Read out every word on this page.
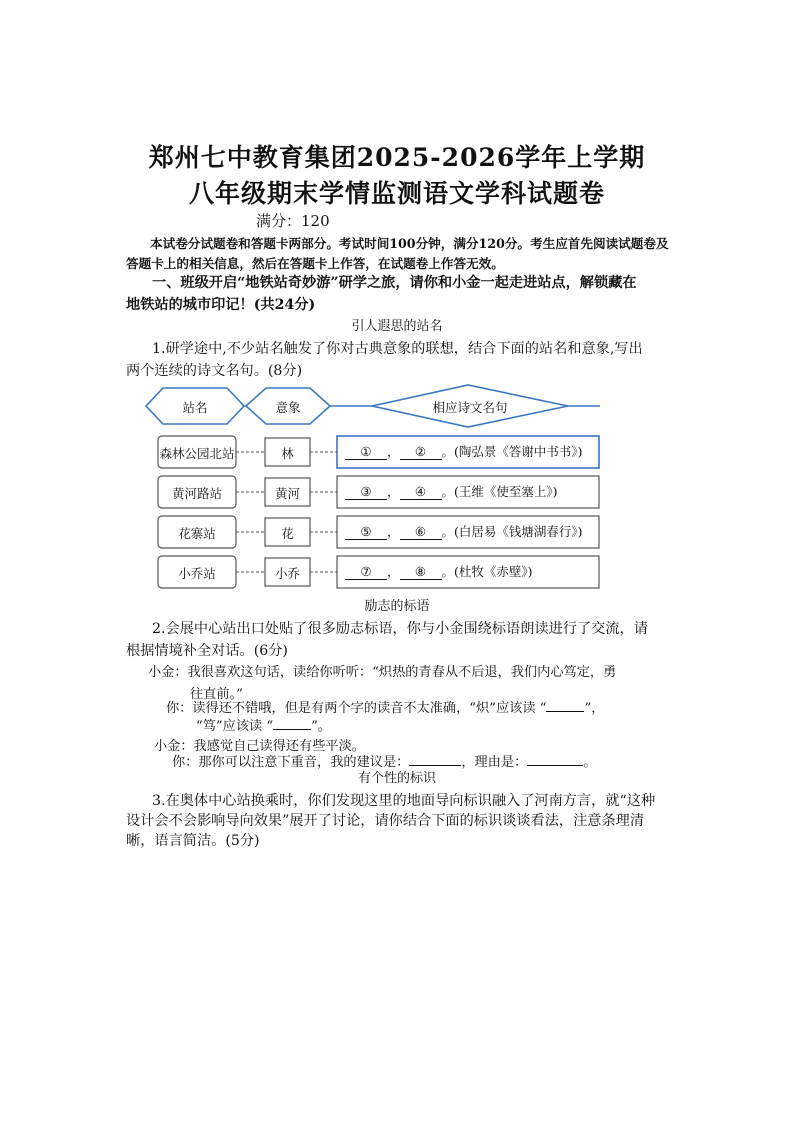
郑州七中教育集团2025-2026学年上学期
八年级期末学情监测语文学科试题卷
满分：120
本试卷分试题卷和答题卡两部分。考试时间100分钟，满分120分。考生应首先阅读试题卷及
答题卡上的相关信息，然后在答题卡上作答，在试题卷上作答无效。
一、班级开启“地铁站奇妙游”研学之旅，请你和小金一起走进站点，解锁藏在
地铁站的城市印记！(共24分)
引人遐思的站名
1.研学途中,不少站名触发了你对古典意象的联想，结合下面的站名和意象,写出
两个连续的诗文名句。(8分)
站名	意象	相应诗文名句
森林公园北站	林	① ， ② 。(陶弘景《答谢中书书》)
黄河路站	黄河	③ ， ④ 。(王维《使至塞上》)
花寨站	花	⑤ ， ⑥ 。(白居易《钱塘湖春行》)
小乔站	小乔	⑦ ， ⑧ 。(杜牧《赤壁》)
励志的标语
2.会展中心站出口处贴了很多励志标语，你与小金围绕标语朗读进行了交流，请
根据情境补全对话。(6分)
小金：我很喜欢这句话，读给你听听：“炽热的青春从不后退，我们内心笃定，勇
往直前。”
你：读得还不错哦，但是有两个字的读音不太准确，“炽”应该读 “	”，
“笃”应该读 “	”。
小金：我感觉自己读得还有些平淡。
你：那你可以注意下重音，我的建议是：	，理由是：	。
有个性的标识
3.在奥体中心站换乘时，你们发现这里的地面导向标识融入了河南方言，就“这种
设计会不会影响导向效果”展开了讨论，请你结合下面的标识谈谈看法，注意条理清
晰，语言简洁。(5分)
